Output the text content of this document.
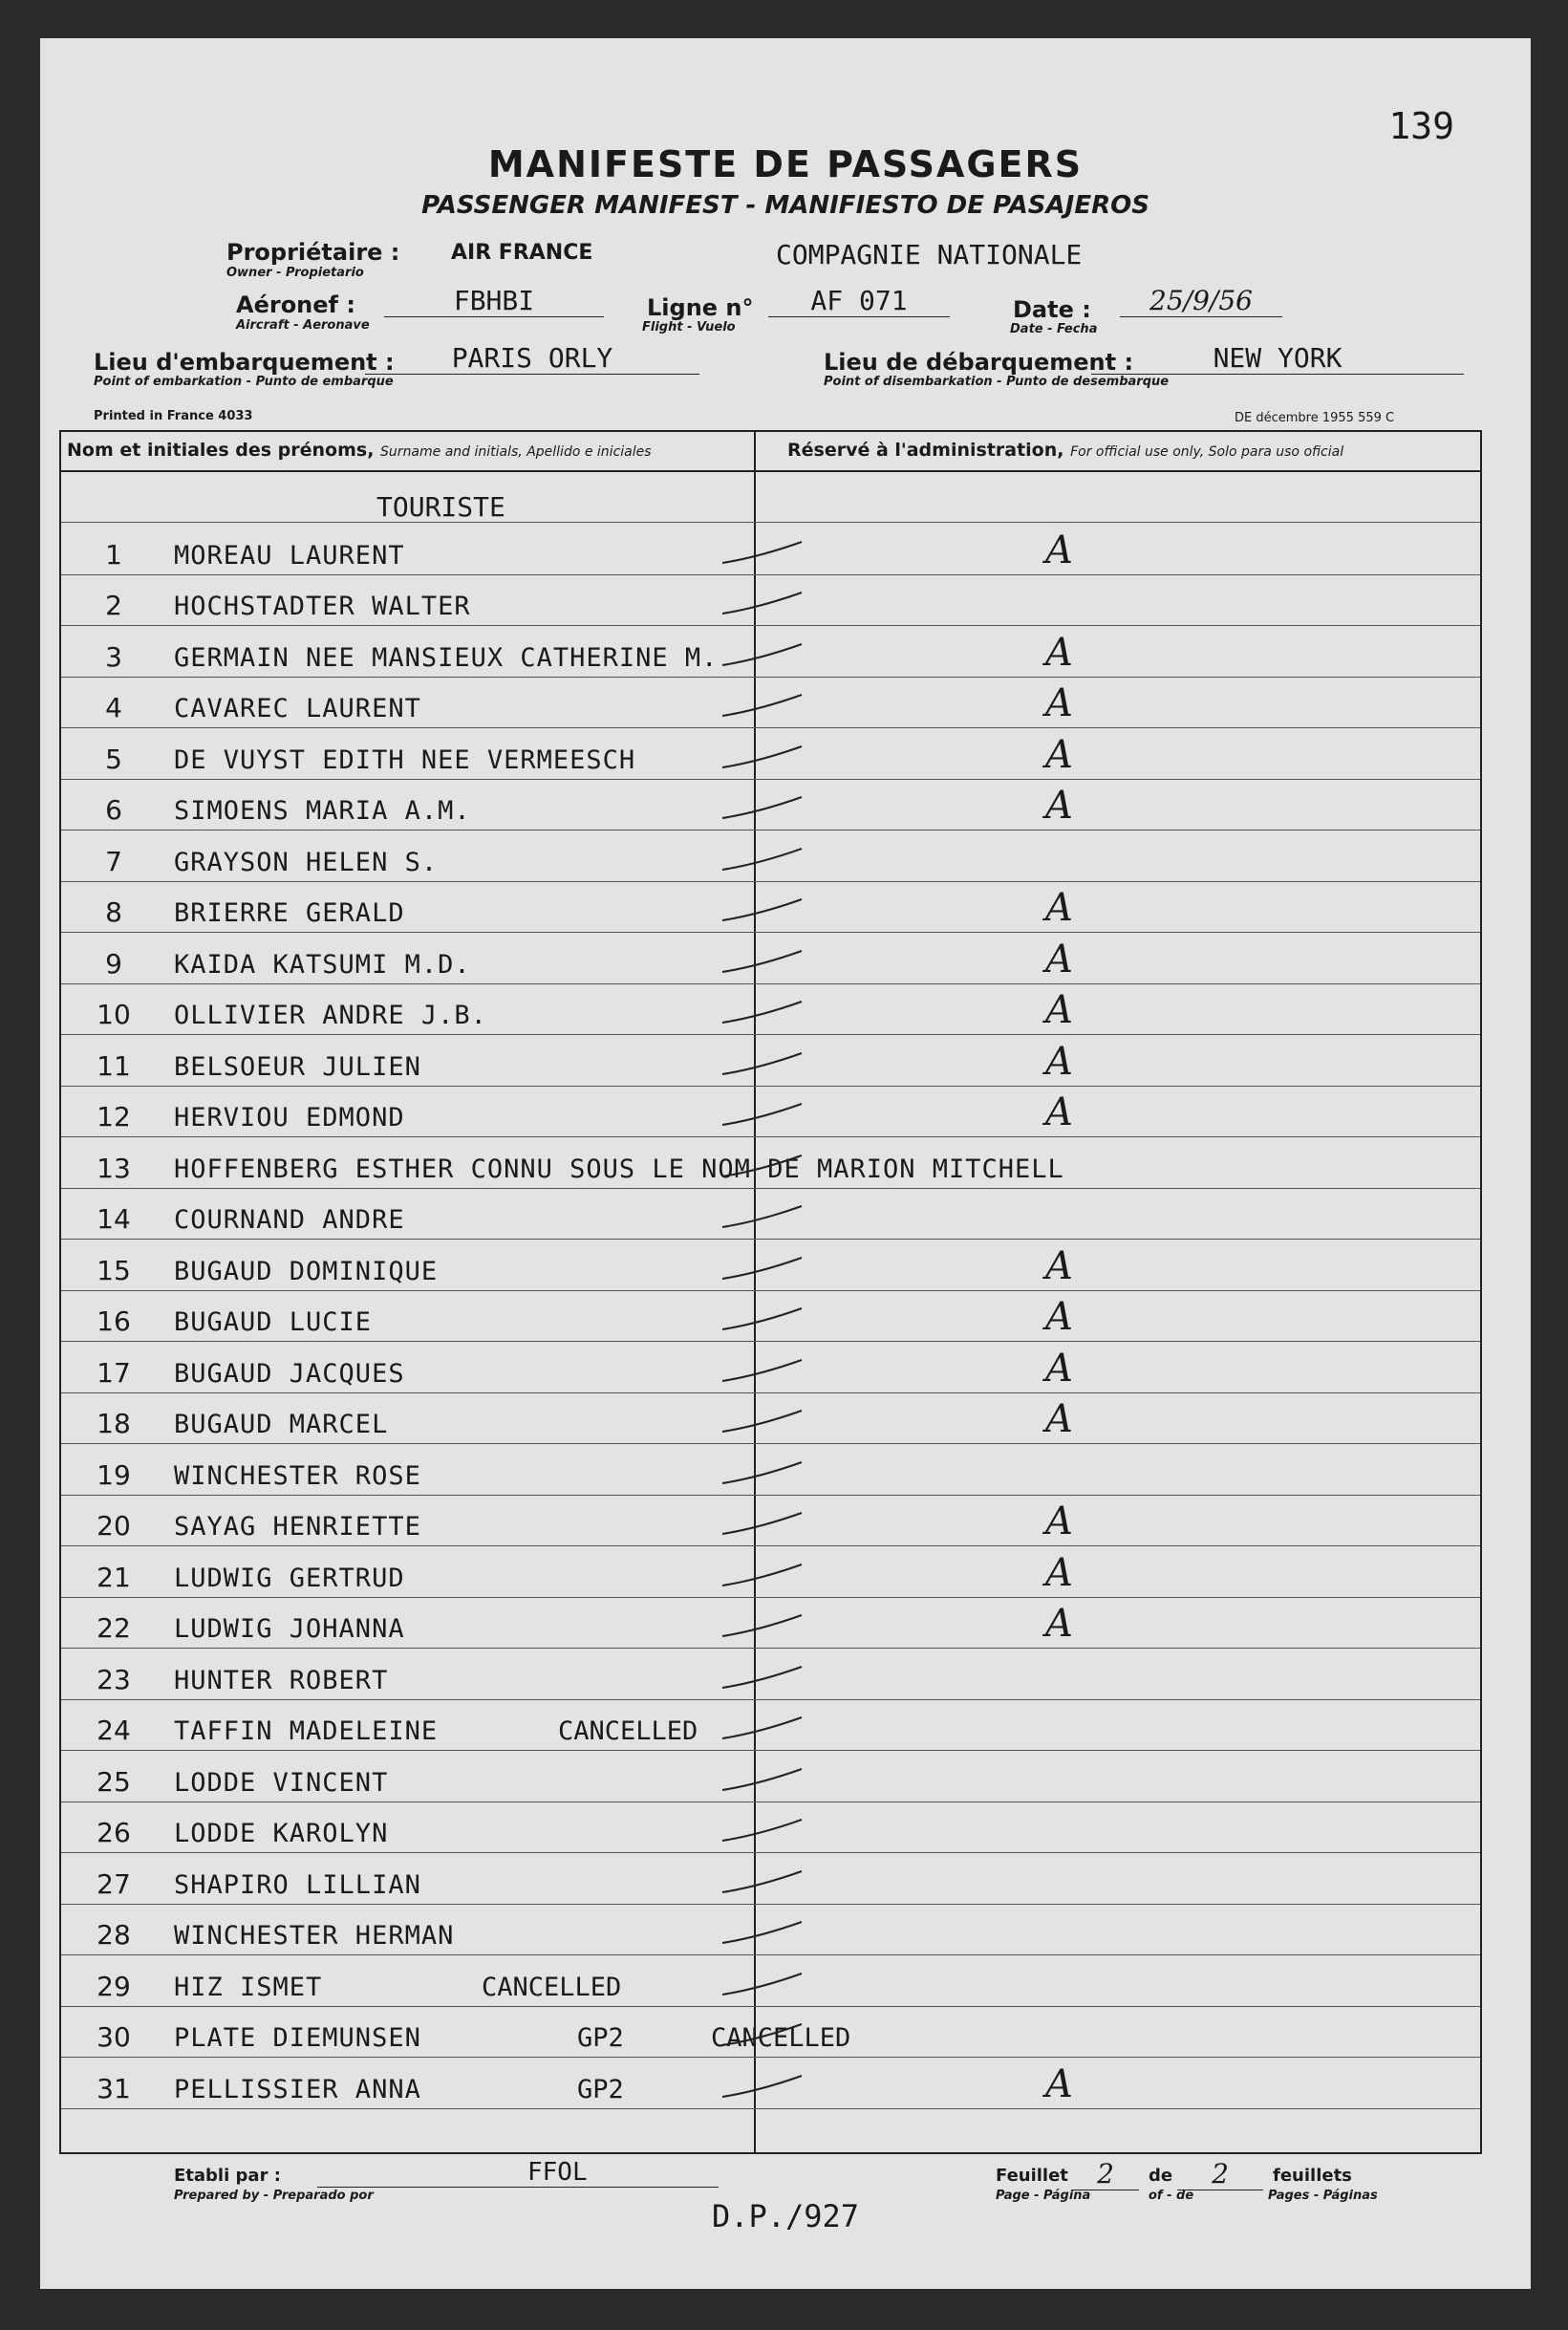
139
MANIFESTE DE PASSAGERS
PASSENGER MANIFEST - MANIFIESTO DE PASAJEROS
Propriétaire :
Owner - Propietario
AIR FRANCE	COMPAGNIE NATIONALE
Aéronef :
Aircraft - Aeronave
FBHBI	Ligne n°
Flight - Vuelo
AF 071	Date :
Date - Fecha
25/9/56
Lieu d'embarquement :
Point of embarkation - Punto de embarque
PARIS ORLY	Lieu de débarquement :
Point of disembarkation - Punto de desembarque
NEW YORK
Printed in France 4033	DE décembre 1955 559 C
Nom et initiales des prénoms, Surname and initials, Apellido e iniciales	Réservé à l'administration, For official use only, Solo para uso oficial
TOURISTE
1	MOREAU LAURENT	A
2	HOCHSTADTER WALTER
3	GERMAIN NEE MANSIEUX CATHERINE M.	A
4	CAVAREC LAURENT	A
5	DE VUYST EDITH NEE VERMEESCH	A
6	SIMOENS MARIA A.M.	A
7	GRAYSON HELEN S.
8	BRIERRE GERALD	A
9	KAIDA KATSUMI M.D.	A
10 OLLIVIER ANDRE J.B.	A
11 BELSOEUR JULIEN	A
12 HERVIOU EDMOND	A
13 HOFFENBERG ESTHER CONNU SOUS LE NOM DE MARION MITCHELL
14 COURNAND ANDRE
15 BUGAUD DOMINIQUE	A
16 BUGAUD LUCIE	A
17 BUGAUD JACQUES	A
18 BUGAUD MARCEL	A
19 WINCHESTER ROSE
20 SAYAG HENRIETTE	A
21 LUDWIG GERTRUD	A
22 LUDWIG JOHANNA	A
23 HUNTER ROBERT
24 TAFFIN MADELEINE	CANCELLED
25 LODDE VINCENT
26 LODDE KAROLYN
27 SHAPIRO LILLIAN
28 WINCHESTER HERMAN
29 HIZ ISMET	CANCELLED
30 PLATE DIEMUNSEN	GP2	CANCELLED
31 PELLISSIER ANNA	GP2	A
Etabli par :
Prepared by - Preparado por
FFOL	Feuillet
Page - Página
2	de
of - de
2	feuillets
Pages - Páginas
D.P./927
